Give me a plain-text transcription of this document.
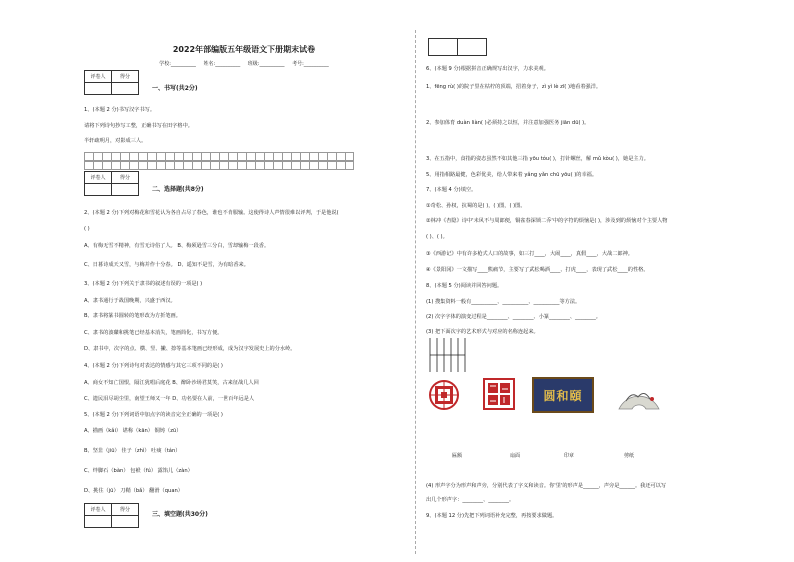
2022年部编版五年级语文下册期末试卷
学校:__________ 姓名:__________ 班级:__________ 考号:__________
评卷人	得分

一、书写(共2分)
1、(本题 2 分)书写汉字书写。
请将下列诗句抄写工整，正确书写在田字格中。
半轩疏明月，对影成三人。
评卷人	得分

二、选择题(共8分)
2、(本题 2 分)下列对梅花和雪花认为各自占尽了春色，谁也不肯服输。这使得诗人声情很难以评判，于是他说(
( )
A、有梅无雪不精神，有雪无诗俗了人。 B、梅须逊雪三分白，雪却输梅一段香。
C、日暮诗成天又雪，与梅并作十分春。 D、遥知不是雪，为有暗香来。
3、(本题 2 分)下列关于隶书的叙述有误的一项是( )
A、隶书通行于战国晚期，兴盛于西汉。
B、隶书将篆书圆转的笔形改为方折笔画。
C、隶书的波磔和挑笔已经基本消失，笔画简化，书写方便。
D、隶书中，次字的点、横、竖、撇、捺等基本笔画已经形成，成为汉字发展史上的分水岭。
4、(本题 2 分)下列诗句对表达的情感与其它三项不同的是( )
A、商女不知亡国恨，隔江犹唱后庭花 B、醉卧沙场君莫笑，古来征战几人回
C、遗民泪尽胡尘里，南望王师又一年 D、功名要在人前，一世百年远是人
5、(本题 2 分)下列词语中加点字的读音完全正确的一项是( )
A、描画（kǎi） 堪称（kān） 铜铸（zū）
B、坚韭（jiū） 佳子（zhì） 吐痰（tán）
C、绊脚石（bàn） 包袱（fú） 露馅儿（zàn）
D、挑住（jū） 刀鞘（bǎ） 翻滑（quan）
评卷人	得分

三、填空题(共30分)

6、(本题 9 分)根据拼音正确规写出汉字，力求美观。
1、fēng rù( )的院子里在枯柠的顶端，招着身子，zì yì lè zī( )地看着强洋。
2、参加体育 duàn liàn( )必须持之以恒，并注意加强医务 jiān dū( )。
3、在五指中，食指的姿态虽然不如其他三指 yōu tóu( )，打针螺丝，解 mǔ kòu( )，她是主力。
5、用指相路最健，色彩优美，给人带来着 yǎng yǎn chū yōu( )的幸福。
7、(本题 4 分)填空。
①奇松、孙权，抗蜀的是( )，( )图，( )图。
②林冲《杏隐》诗中'未风不与周郎便，铜雀春深锁二乔'中的字符的烦恼是( )，涉及到的烦恼对个主要人物
( )、( )。
③《西游记》中有许多枪式人口的故事，如三打____，大闹____，真假____，大战二郎神。
④《景阳冈》一文描写____熊痛节，主要写了武松喝酒____、打虎____，表现了武松____的性格。
8、(本题 5 分)阅读并回答问题。
(1) 搜集资料一般有__________、__________、__________等方法。
(2) 次字字体的演变过程是________、________、小篆________、________。
(3) 把下面次字的艺术形式与对应的名称连起来。
圆和頤
匾额	扇面	印章	剪纸
(4) 形声字分为形声和声旁，分别代表了字义和读音。你'里'的形声是______，声旁是______。我还可以写
出几个形声字：________、________。
9、(本题 12 分)先把下列词语补充完整，再按要求做题。
